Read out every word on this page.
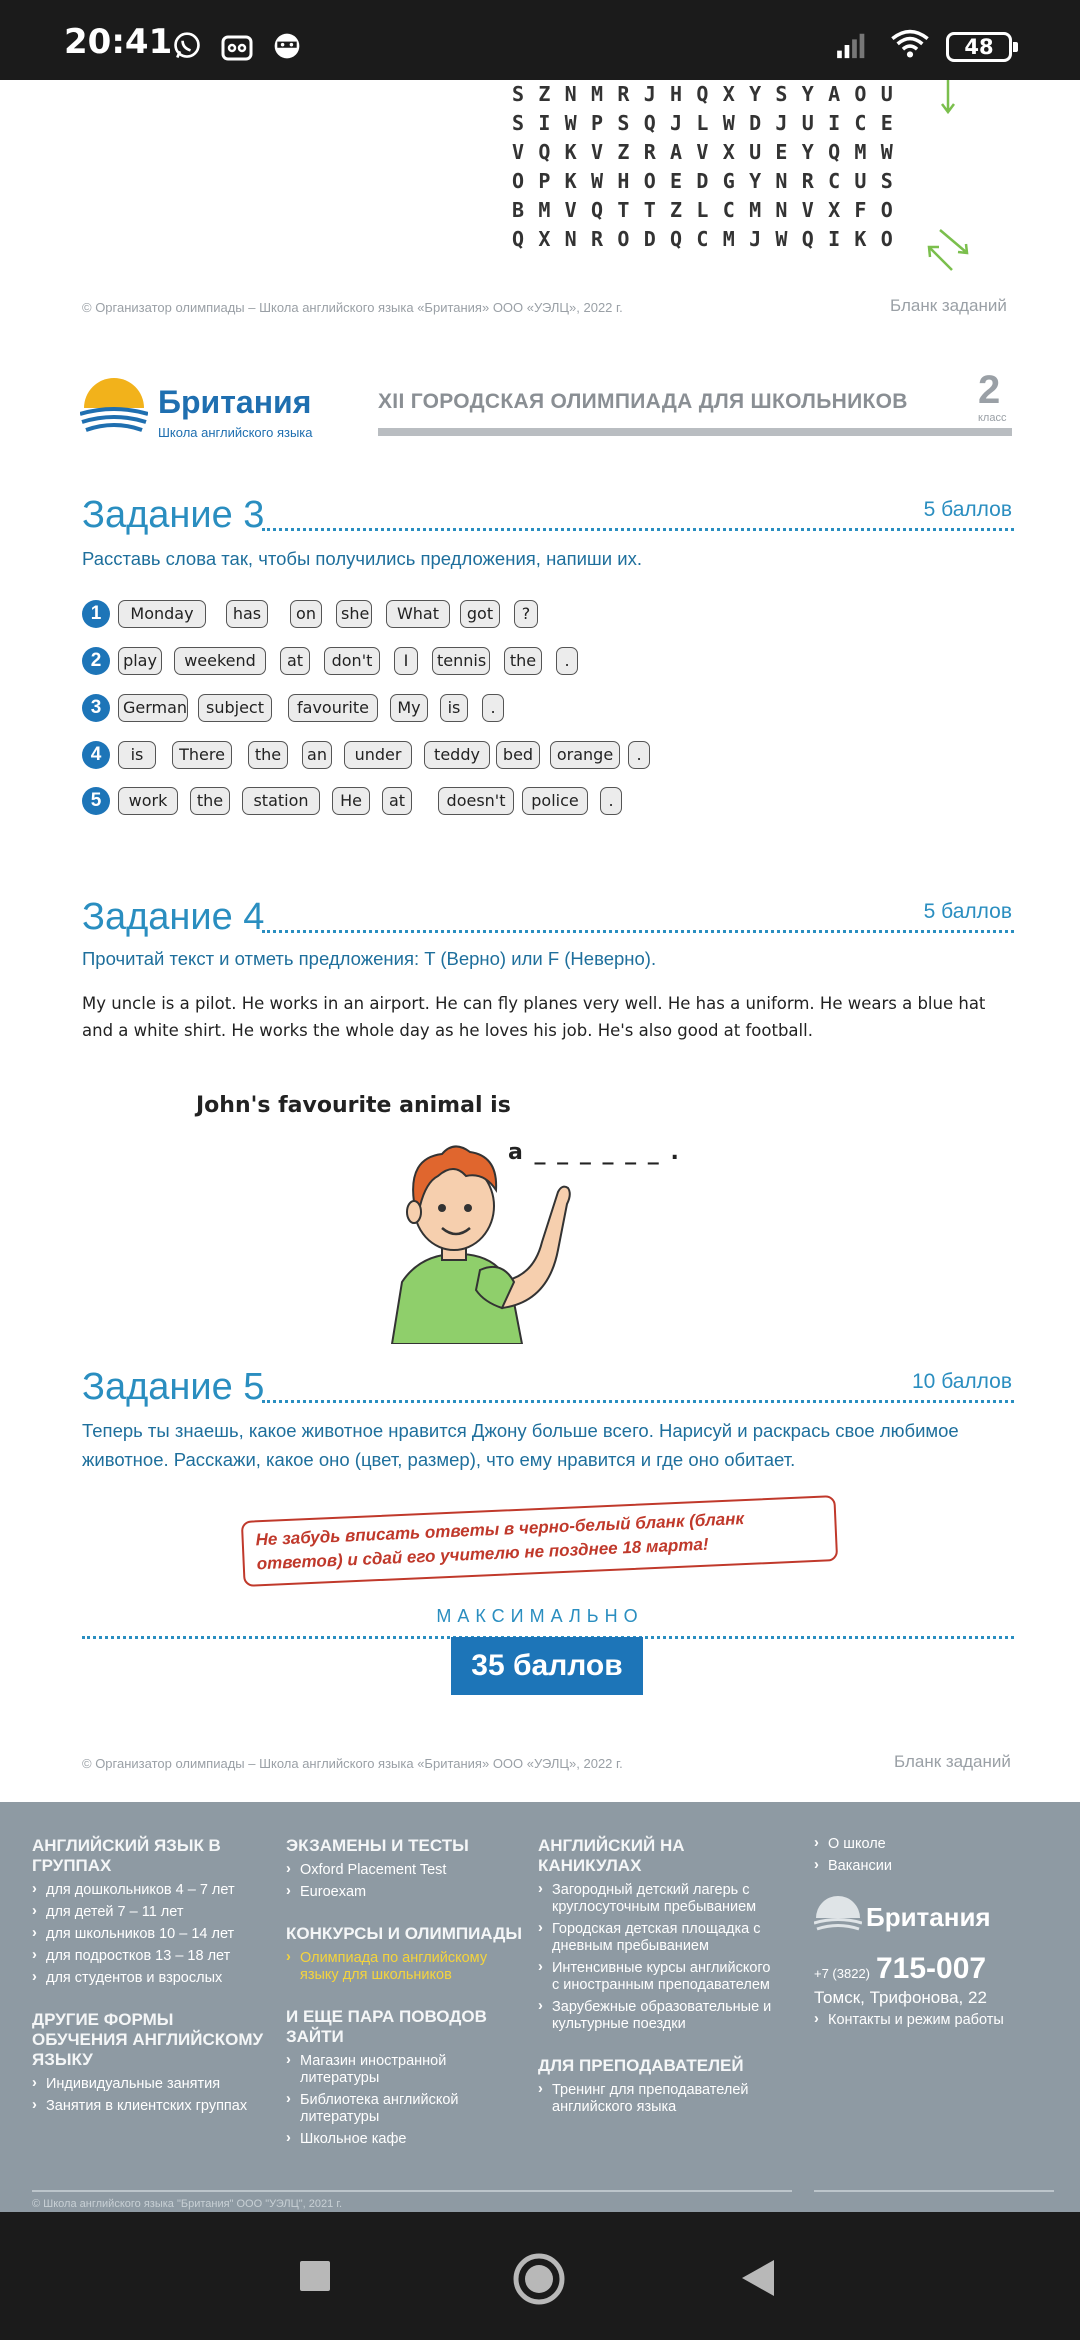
20:41	48
SZNMRJHQXYSYAOU
SIWPSQJLWDJUICE
VQKVZRAVXUEYQMW
OPKWHOEDGYNRCUS
BMVQTTZLCMNVXFO
QXNRODQCMJWQIKO
© Организатор олимпиады – Школа английского языка «Британия» ООО «УЭЛЦ», 2022 г.	Бланк заданий
Британия
Школа английского языка
XII ГОРОДСКАЯ ОЛИМПИАДА ДЛЯ ШКОЛЬНИКОВ 2
класс
Задание 3	5 баллов
Расставь слова так, чтобы получились предложения, напиши их.
1	Monday	has	on	she	What	got	?
2	play	weekend	at	don't	I	tennis	the	.
3	German	subject	favourite	My	is	.
4	is	There	the	an	under	teddy	bed	orange	.
5	work	the	station	He	at	doesn't	police	.
Задание 4	5 баллов
Прочитай текст и отметь предложения: T (Верно) или F (Неверно).
My uncle is a pilot. He works in an airport. He can fly planes very well. He has a uniform. He wears a blue hat and a white shirt. He works the whole day as he loves his job. He's also good at football.
John's favourite animal is
a _ _ _ _ _ _ .
Задание 5	10 баллов
Теперь ты знаешь, какое животное нравится Джону больше всего. Нарисуй и раскрась свое любимое животное. Расскажи, какое оно (цвет, размер), что ему нравится и где оно обитает.
Не забудь вписать ответы в черно-белый бланк (бланк ответов) и сдай его учителю не позднее 18 марта!
МАКСИМАЛЬНО
35 баллов
© Организатор олимпиады – Школа английского языка «Британия» ООО «УЭЛЦ», 2022 г.	Бланк заданий
АНГЛИЙСКИЙ ЯЗЫК В ГРУППАХ
› для дошкольников 4 – 7 лет
› для детей 7 – 11 лет
› для школьников 10 – 14 лет
› для подростков 13 – 18 лет
› для студентов и взрослых
ДРУГИЕ ФОРМЫ ОБУЧЕНИЯ АНГЛИЙСКОМУ ЯЗЫКУ
› Индивидуальные занятия
› Занятия в клиентских группах
ЭКЗАМЕНЫ И ТЕСТЫ
› Oxford Placement Test
› Euroexam
КОНКУРСЫ И ОЛИМПИАДЫ
› Олимпиада по английскому языку для школьников
И ЕЩЕ ПАРА ПОВОДОВ ЗАЙТИ
› Магазин иностранной литературы
› Библиотека английской литературы
› Школьное кафе
АНГЛИЙСКИЙ НА КАНИКУЛАХ
› Загородный детский лагерь с круглосуточным пребыванием
› Городская детская площадка с дневным пребыванием
› Интенсивные курсы английского с иностранным преподавателем
› Зарубежные образовательные и культурные поездки
ДЛЯ ПРЕПОДАВАТЕЛЕЙ
› Тренинг для преподавателей английского языка
› О школе
› Вакансии
Британия
+7 (3822) 715-007
Томск, Трифонова, 22
› Контакты и режим работы
© Школа английского языка "Британия" ООО "УЭЛЦ", 2021 г.
